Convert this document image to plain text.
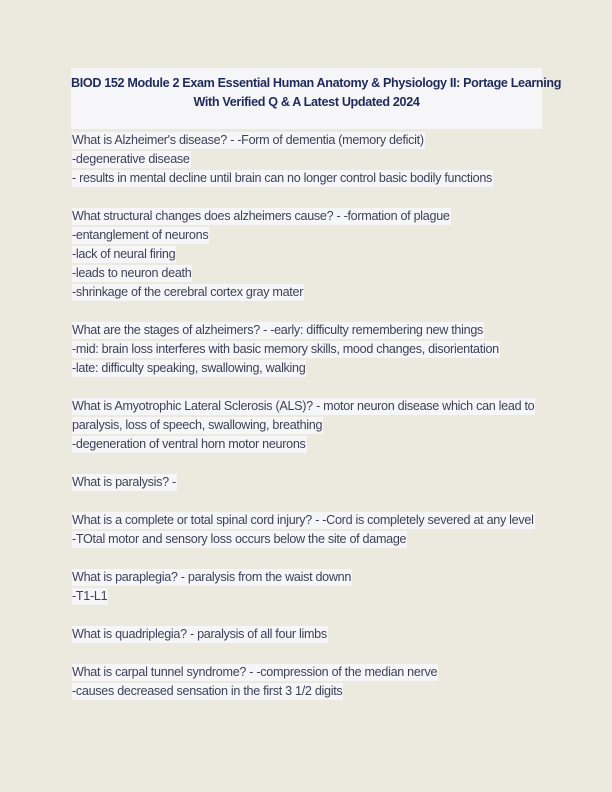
BIOD 152 Module 2 Exam Essential Human Anatomy & Physiology II: Portage Learning
With Verified Q & A Latest Updated 2024
What is Alzheimer's disease? - -Form of dementia (memory deficit)
-degenerative disease
- results in mental decline until brain can no longer control basic bodily functions
What structural changes does alzheimers cause? - -formation of plague
-entanglement of neurons
-lack of neural firing
-leads to neuron death
-shrinkage of the cerebral cortex gray mater
What are the stages of alzheimers? - -early: difficulty remembering new things
-mid: brain loss interferes with basic memory skills, mood changes, disorientation
-late: difficulty speaking, swallowing, walking
What is Amyotrophic Lateral Sclerosis (ALS)? - motor neuron disease which can lead to
paralysis, loss of speech, swallowing, breathing
-degeneration of ventral horn motor neurons
What is paralysis? -
What is a complete or total spinal cord injury? - -Cord is completely severed at any level
-TOtal motor and sensory loss occurs below the site of damage
What is paraplegia? - paralysis from the waist downn
-T1-L1
What is quadriplegia? - paralysis of all four limbs
What is carpal tunnel syndrome? - -compression of the median nerve
-causes decreased sensation in the first 3 1/2 digits
